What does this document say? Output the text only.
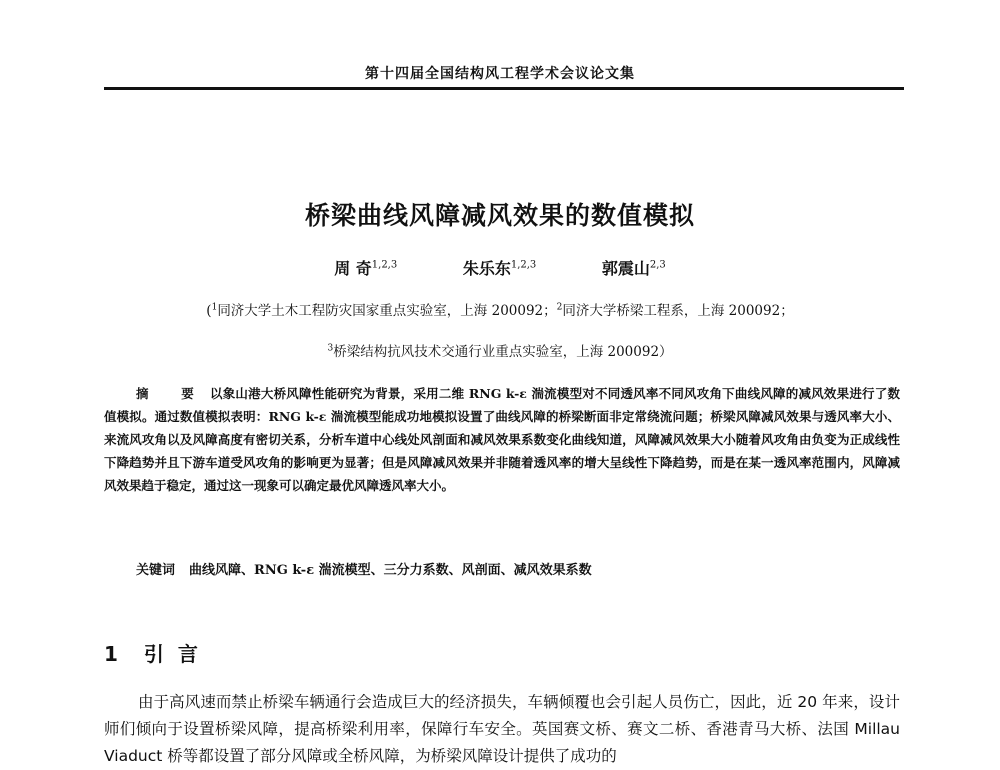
第十四届全国结构风工程学术会议论文集
桥梁曲线风障减风效果的数值模拟
周 奇$^{1,2,3}$	朱乐东$^{1,2,3}$	郭震山$^{2,3}$
($^1$同济大学土木工程防灾国家重点实验室，上海 200092；$^2$同济大学桥梁工程系，上海 200092；
$^3$桥梁结构抗风技术交通行业重点实验室，上海 200092）

摘 要 以象山港大桥风障性能研究为背景，采用二维 RNG k-ε 湍流模型对不同透风率不同风攻角下曲线风障的减风效果进行了数值模拟。通过数值模拟表明：RNG k-ε 湍流模型能成功地模拟设置了曲线风障的桥梁断面非定常绕流问题；桥梁风障减风效果与透风率大小、来流风攻角以及风障高度有密切关系，分析车道中心线处风剖面和减风效果系数变化曲线知道，风障减风效果大小随着风攻角由负变为正成线性下降趋势并且下游车道受风攻角的影响更为显著；但是风障减风效果并非随着透风率的增大呈线性下降趋势，而是在某一透风率范围内，风障减风效果趋于稳定，通过这一现象可以确定最优风障透风率大小。

关键词 曲线风障、RNG k-ε 湍流模型、三分力系数、风剖面、减风效果系数

1 引言

由于高风速而禁止桥梁车辆通行会造成巨大的经济损失，车辆倾覆也会引起人员伤亡，因此，近 20 年来，设计师们倾向于设置桥梁风障，提高桥梁利用率，保障行车安全。英国赛文桥、赛文二桥、香港青马大桥、法国 Millau Viaduct 桥等都设置了部分风障或全桥风障，为桥梁风障设计提供了成功的
